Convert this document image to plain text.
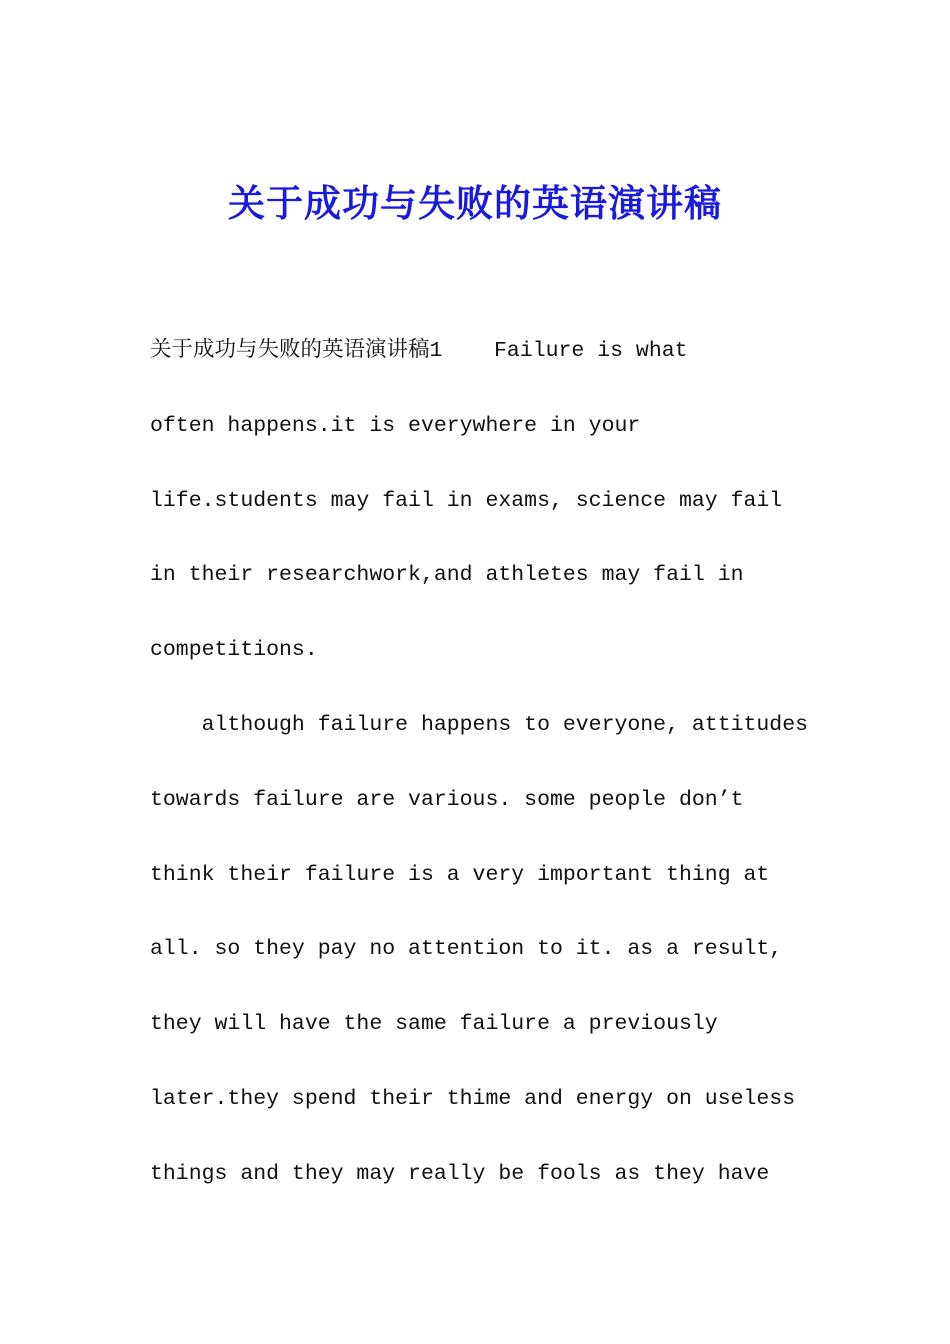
关于成功与失败的英语演讲稿
关于成功与失败的英语演讲稿1    Failure is what
often happens.it is everywhere in your
life.students may fail in exams, science may fail
in their researchwork,and athletes may fail in
competitions.
although failure happens to everyone, attitudes
towards failure are various. some people don’t
think their failure is a very important thing at
all. so they pay no attention to it. as a result,
they will have the same failure a previously
later.they spend their thime and energy on useless
things and they may really be fools as they have
